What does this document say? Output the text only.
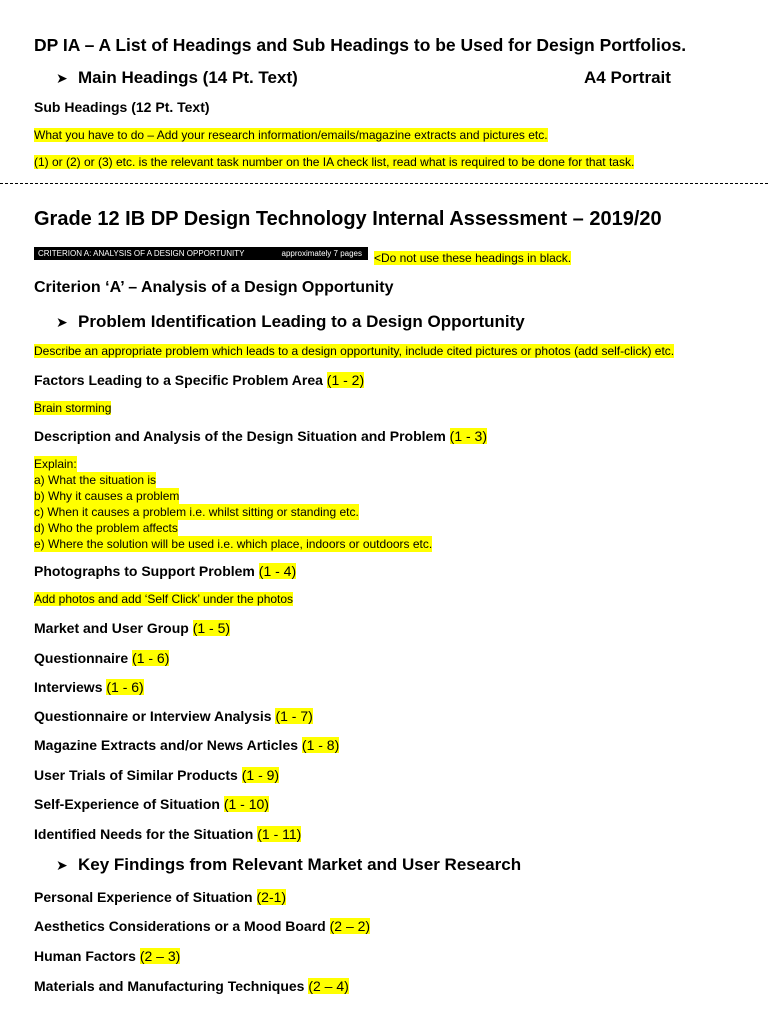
DP IA – A List of Headings and Sub Headings to be Used for Design Portfolios.
➤ Main Headings (14 Pt. Text)	A4 Portrait
Sub Headings (12 Pt. Text)
What you have to do – Add your research information/emails/magazine extracts and pictures etc.
(1) or (2) or (3) etc. is the relevant task number on the IA check list, read what is required to be done for that task.
Grade 12 IB DP Design Technology Internal Assessment – 2019/20
CRITERION A: ANALYSIS OF A DESIGN OPPORTUNITY	approximately 7 pages <Do not use these headings in black.
Criterion ‘A’ – Analysis of a Design Opportunity
➤ Problem Identification Leading to a Design Opportunity
Describe an appropriate problem which leads to a design opportunity, include cited pictures or photos (add self-click) etc.
Factors Leading to a Specific Problem Area (1 - 2)
Brain storming
Description and Analysis of the Design Situation and Problem (1 - 3)
Explain:
a) What the situation is
b) Why it causes a problem
c) When it causes a problem i.e. whilst sitting or standing etc.
d) Who the problem affects
e) Where the solution will be used i.e. which place, indoors or outdoors etc.
Photographs to Support Problem (1 - 4)
Add photos and add ‘Self Click’ under the photos
Market and User Group (1 - 5)
Questionnaire (1 - 6)
Interviews (1 - 6)
Questionnaire or Interview Analysis (1 - 7)
Magazine Extracts and/or News Articles (1 - 8)
User Trials of Similar Products (1 - 9)
Self-Experience of Situation (1 - 10)
Identified Needs for the Situation (1 - 11)
➤ Key Findings from Relevant Market and User Research
Personal Experience of Situation (2-1)
Aesthetics Considerations or a Mood Board (2 – 2)
Human Factors (2 – 3)
Materials and Manufacturing Techniques (2 – 4)
